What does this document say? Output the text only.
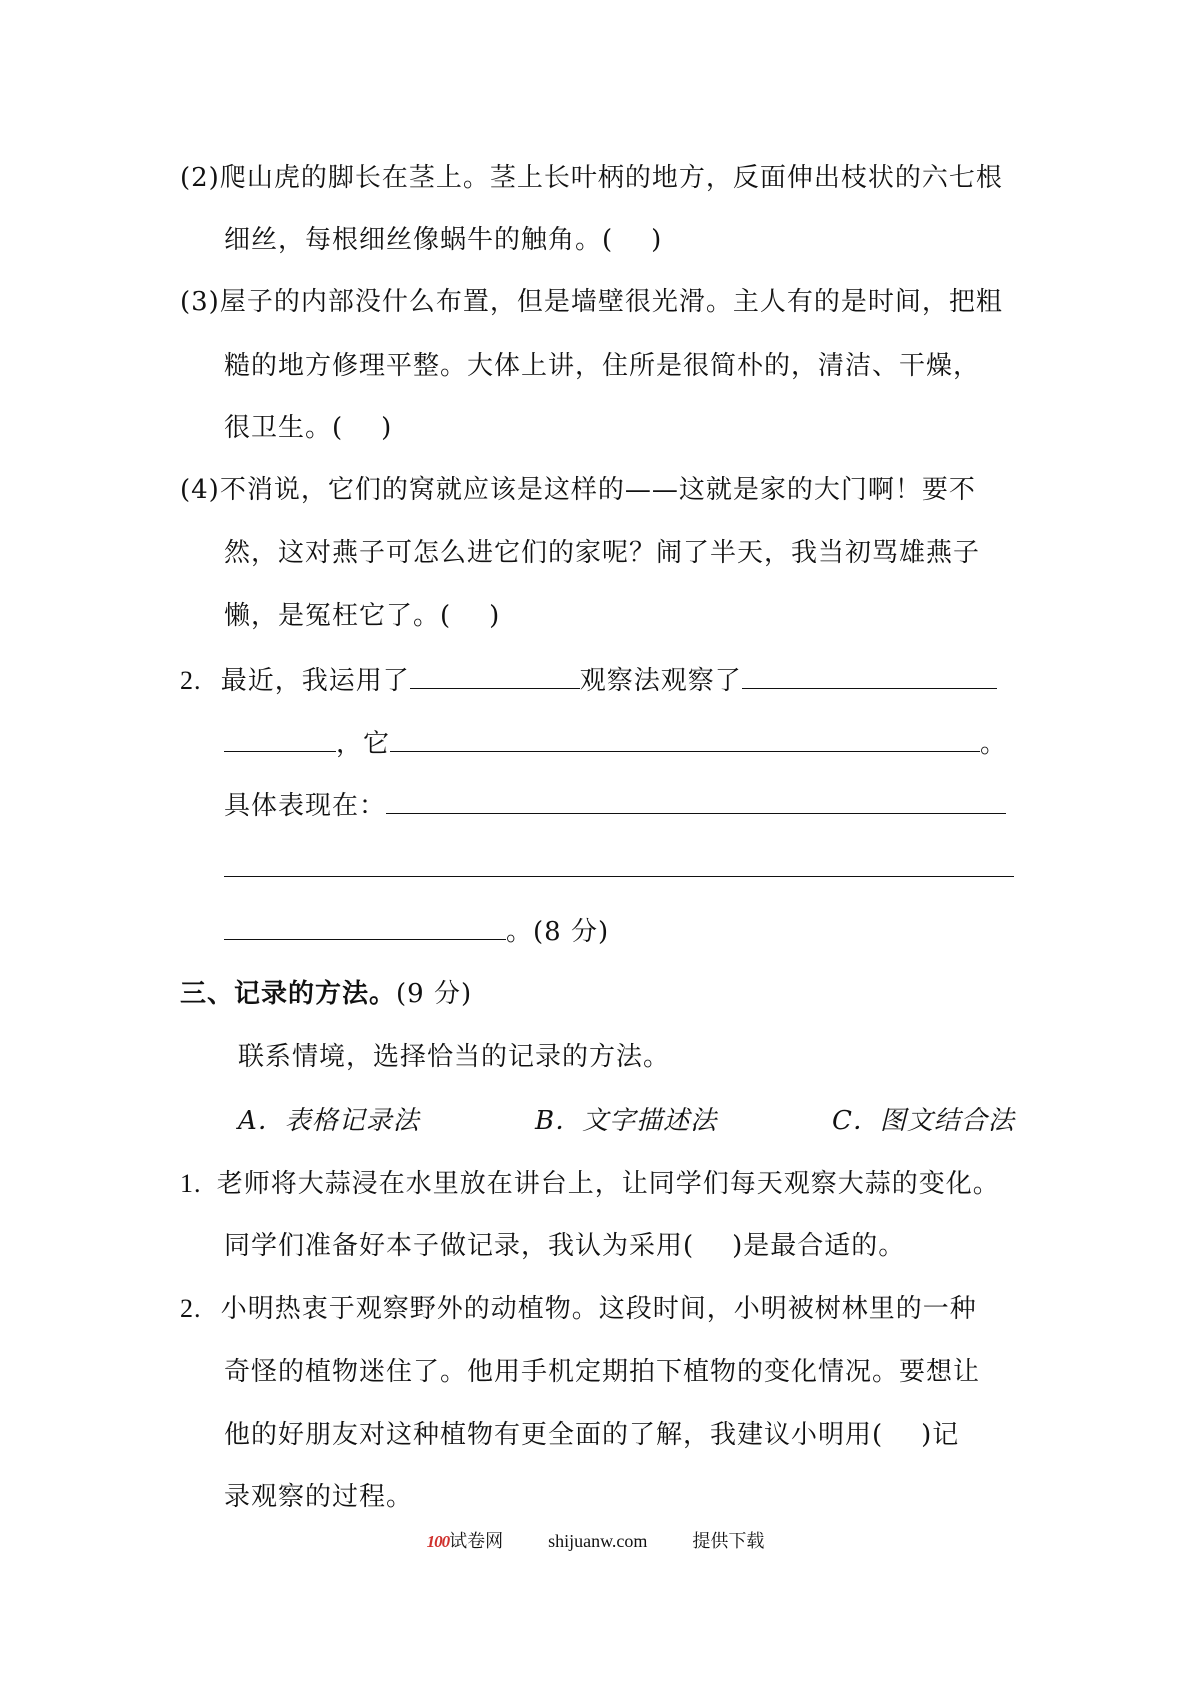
(2)爬山虎的脚长在茎上。茎上长叶柄的地方，反面伸出枝状的六七根
细丝，每根细丝像蜗牛的触角。( )
(3)屋子的内部没什么布置，但是墙壁很光滑。主人有的是时间，把粗
糙的地方修理平整。大体上讲，住所是很简朴的，清洁、干燥，
很卫生。( )
(4)不消说，它们的窝就应该是这样的——这就是家的大门啊！要不
然，这对燕子可怎么进它们的家呢？闹了半天，我当初骂雄燕子
懒，是冤枉它了。( )
2. 最近，我运用了	观察法观察了
，它	。
具体表现在：
。(8 分)
三、记录的方法。(9 分)
联系情境，选择恰当的记录的方法。
A．表格记录法	B．文字描述法	C．图文结合法
1. 老师将大蒜浸在水里放在讲台上，让同学们每天观察大蒜的变化。
同学们准备好本子做记录，我认为采用( )是最合适的。
2. 小明热衷于观察野外的动植物。这段时间，小明被树林里的一种
奇怪的植物迷住了。他用手机定期拍下植物的变化情况。要想让
他的好朋友对这种植物有更全面的了解，我建议小明用( )记
录观察的过程。
100试卷网	shijuanw.com	提供下载
